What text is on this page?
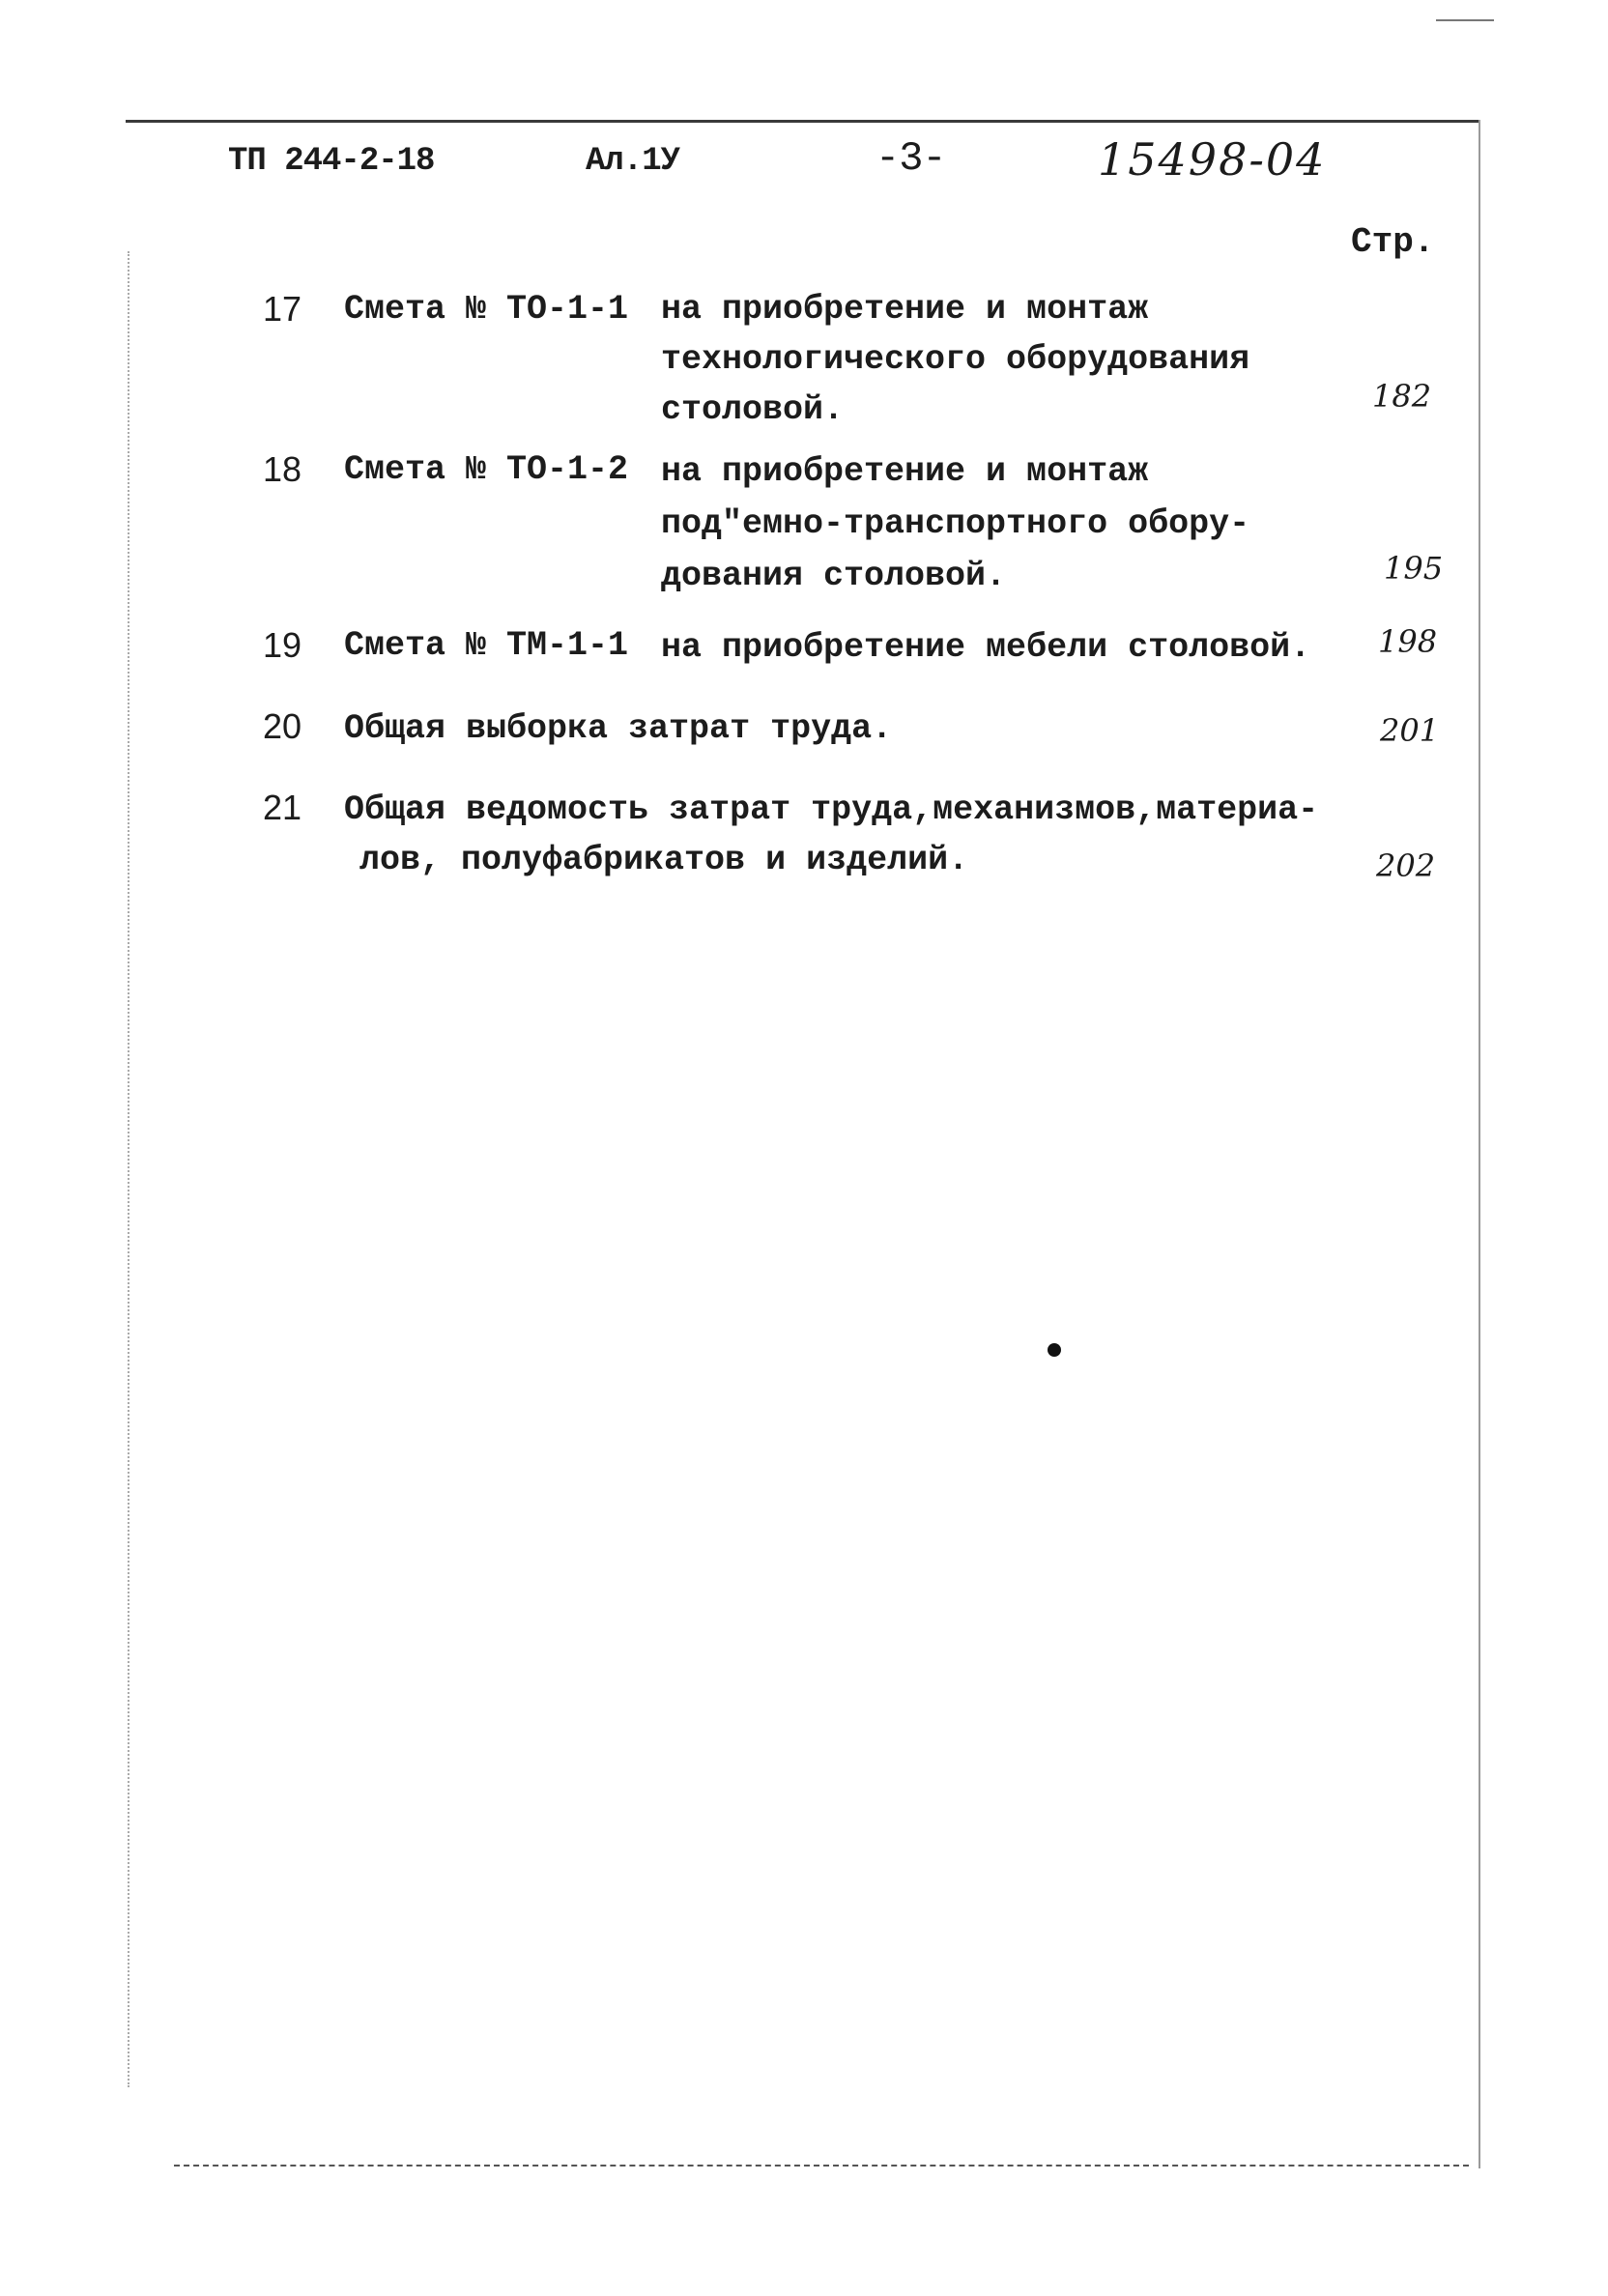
ТП 244-2-18	Ал.1У	-3-	15498-04
Стр.
17 Смета № ТО-1-1 на приобретение и монтаж
технологического оборудования
столовой.	182
18 Смета № ТО-1-2 на приобретение и монтаж
под"емно-транспортного обору-
дования столовой.	195
19 Смета № ТМ-1-1 на приобретение мебели столовой. 198
20 Общая выборка затрат труда.	201
21 Общая ведомость затрат труда,механизмов,материа-
лов, полуфабрикатов и изделий.	202
